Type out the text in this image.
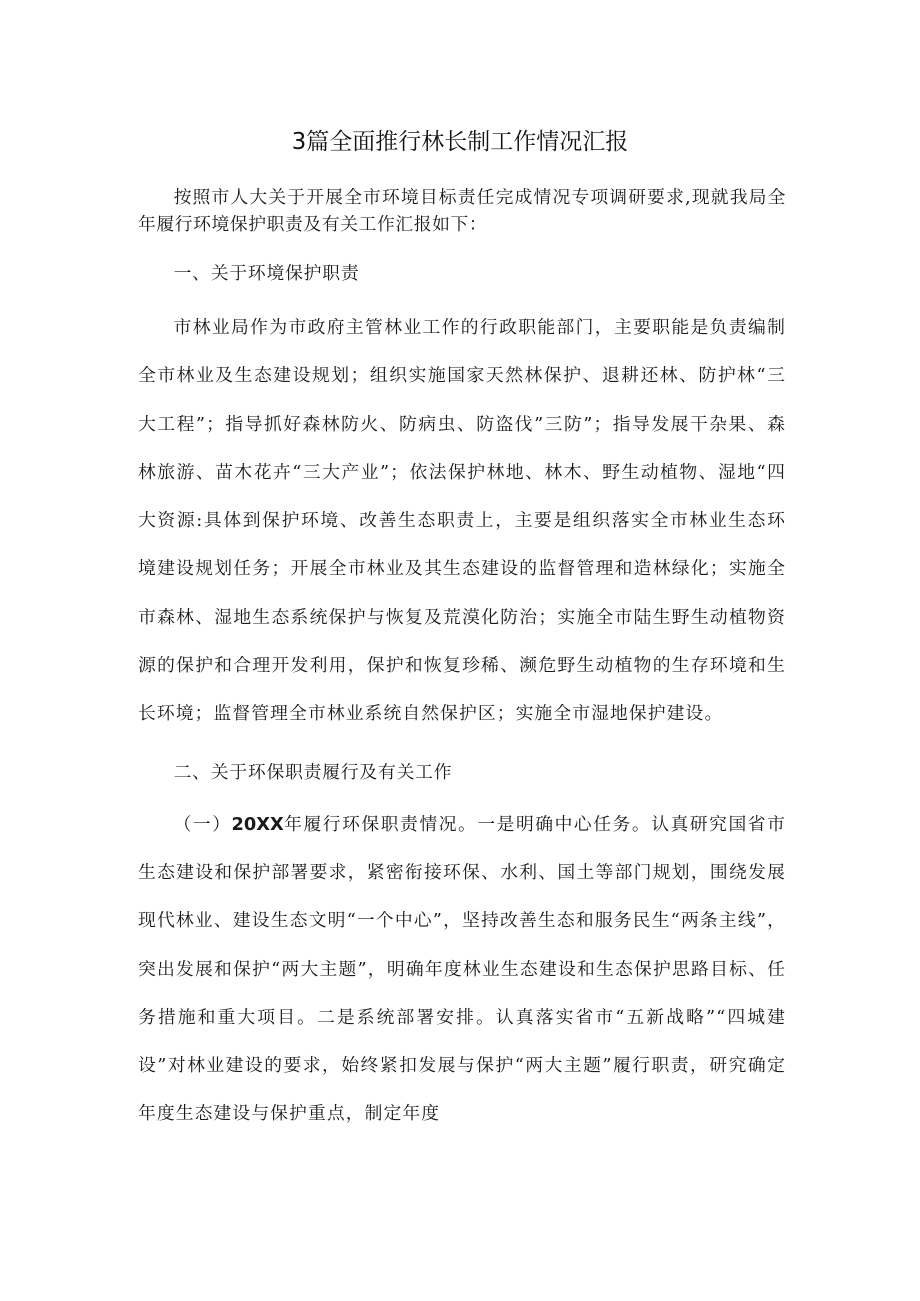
3篇全面推行林长制工作情况汇报

按照市人大关于开展全市环境目标责任完成情况专项调研要求,现就我局全年履行环境保护职责及有关工作汇报如下：

一、关于环境保护职责

市林业局作为市政府主管林业工作的行政职能部门，主要职能是负责编制全市林业及生态建设规划；组织实施国家天然林保护、退耕还林、防护林“三大工程”；指导抓好森林防火、防病虫、防盗伐”三防”；指导发展干杂果、森林旅游、苗木花卉“三大产业”；依法保护林地、林木、野生动植物、湿地“四大资源:具体到保护环境、改善生态职责上，主要是组织落实全市林业生态环境建设规划任务；开展全市林业及其生态建设的监督管理和造林绿化；实施全市森林、湿地生态系统保护与恢复及荒漠化防治；实施全市陆生野生动植物资源的保护和合理开发利用，保护和恢复珍稀、濒危野生动植物的生存环境和生长环境；监督管理全市林业系统自然保护区；实施全市湿地保护建设。

二、关于环保职责履行及有关工作

（一）20XX年履行环保职责情况。一是明确中心任务。认真研究国省市生态建设和保护部署要求，紧密衔接环保、水利、国土等部门规划，围绕发展现代林业、建设生态文明“一个中心”，坚持改善生态和服务民生“两条主线”，突出发展和保护“两大主题”，明确年度林业生态建设和生态保护思路目标、任务措施和重大项目。二是系统部署安排。认真落实省市“五新战略”“四城建设”对林业建设的要求，始终紧扣发展与保护“两大主题”履行职责，研究确定年度生态建设与保护重点，制定年度
